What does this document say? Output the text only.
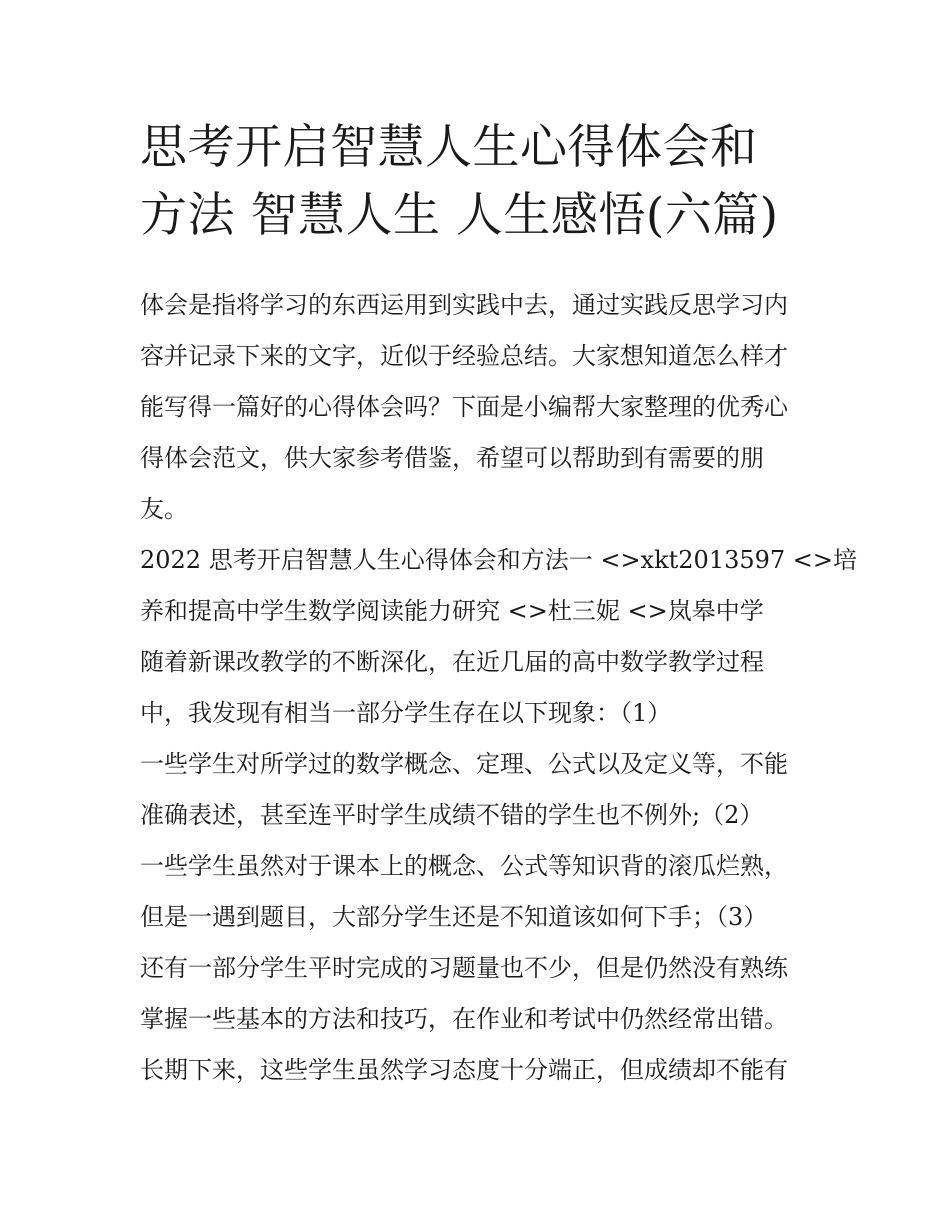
思考开启智慧人生心得体会和
方法 智慧人生 人生感悟(六篇)
体会是指将学习的东西运用到实践中去，通过实践反思学习内
容并记录下来的文字，近似于经验总结。大家想知道怎么样才
能写得一篇好的心得体会吗？下面是小编帮大家整理的优秀心
得体会范文，供大家参考借鉴，希望可以帮助到有需要的朋
友。
2022 思考开启智慧人生心得体会和方法一 <>xkt2013597 <>培
养和提高中学生数学阅读能力研究 <>杜三妮 <>岚皋中学
随着新课改教学的不断深化，在近几届的高中数学教学过程
中，我发现有相当一部分学生存在以下现象：（1）
一些学生对所学过的数学概念、定理、公式以及定义等，不能
准确表述，甚至连平时学生成绩不错的学生也不例外;（2）
一些学生虽然对于课本上的概念、公式等知识背的滚瓜烂熟，
但是一遇到题目，大部分学生还是不知道该如何下手；（3）
还有一部分学生平时完成的习题量也不少，但是仍然没有熟练
掌握一些基本的方法和技巧，在作业和考试中仍然经常出错。
长期下来，这些学生虽然学习态度十分端正，但成绩却不能有
